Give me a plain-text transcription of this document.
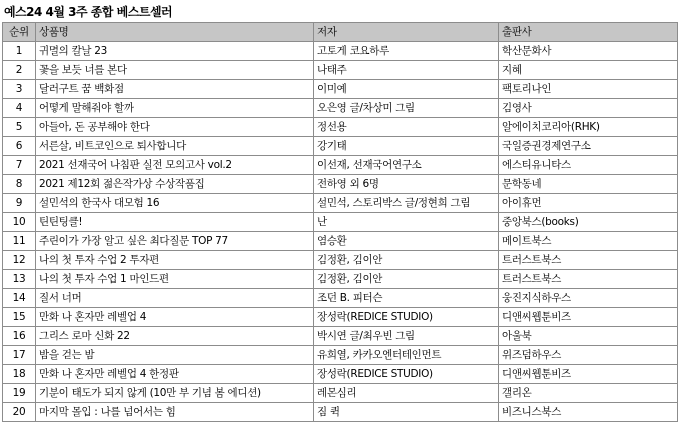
예스24 4월 3주 종합 베스트셀러
순위	상품명	저자	출판사
1	귀멸의 칼날 23	고토게 코요하루	학산문화사
2	꽃을 보듯 너를 본다	나태주	지혜
3	달러구트 꿈 백화점	이미예	팩토리나인
4	어떻게 말해줘야 할까	오은영 글/차상미 그림	김영사
5	아들아, 돈 공부해야 한다	정선용	알에이치코리아(RHK)
6	서른살, 비트코인으로 퇴사합니다	강기태	국일증권경제연구소
7	2021 선재국어 나침판 실전 모의고사 vol.2	이선재, 선재국어연구소	에스티유니타스
8	2021 제12회 젊은작가상 수상작품집	전하영 외 6명	문학동네
9	설민석의 한국사 대모험 16	설민석, 스토리박스 글/정현희 그림	아이휴먼
10	틴틴팅클!	난	중앙북스(books)
11	주린이가 가장 알고 싶은 최다질문 TOP 77	염승환	메이트북스
12	나의 첫 투자 수업 2 투자편	김정환, 김이안	트러스트북스
13	나의 첫 투자 수업 1 마인드편	김정환, 김이안	트러스트북스
14	질서 너머	조던 B. 피터슨	웅진지식하우스
15	만화 나 혼자만 레벨업 4	장성락(REDICE STUDIO)	디앤씨웹툰비즈
16	그리스 로마 신화 22	박시연 글/최우빈 그림	아울북
17	밤을 걷는 밤	유희열, 카카오엔터테인먼트	위즈덤하우스
18	만화 나 혼자만 레벨업 4 한정판	장성락(REDICE STUDIO)	디앤씨웹툰비즈
19	기분이 태도가 되지 않게 (10만 부 기념 봄 에디션)	레몬심리	갤리온
20	마지막 몰입 : 나를 넘어서는 힘	짐 퀵	비즈니스북스
